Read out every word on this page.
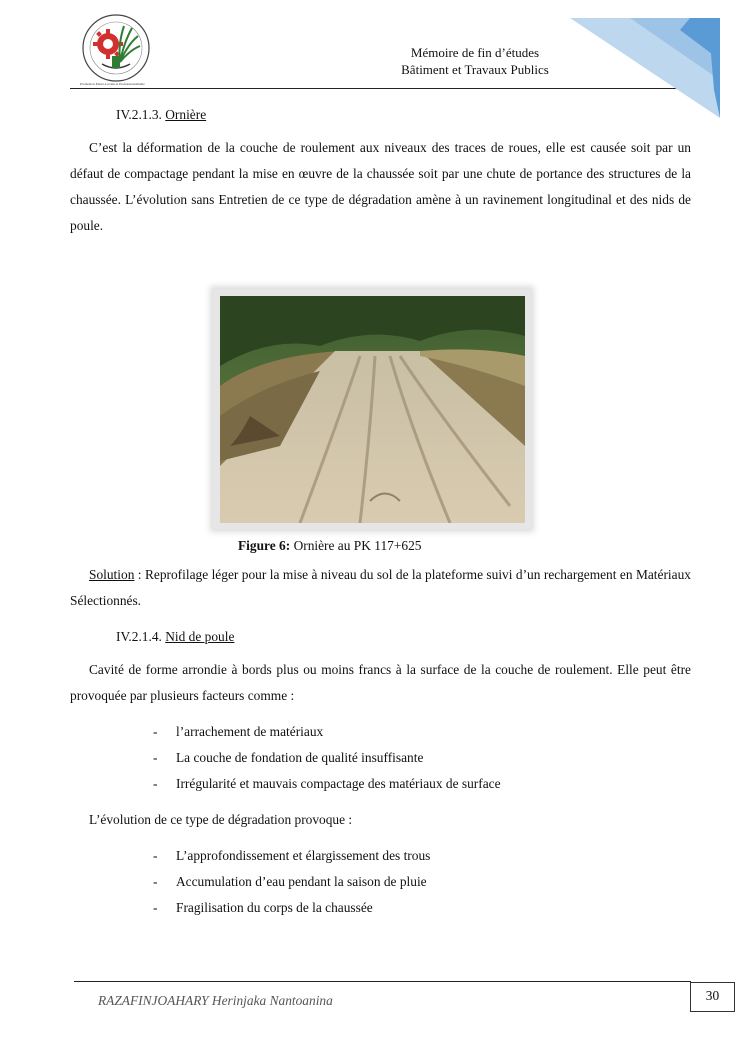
Promotion Pierre-Lucien et Professionnalisme
Mémoire de fin d’études
Bâtiment et Travaux Publics
IV.2.1.3. Ornière

C’est la déformation de la couche de roulement aux niveaux des traces de roues, elle est causée soit par un défaut de compactage pendant la mise en œuvre de la chaussée soit par une chute de portance des structures de la chaussée. L’évolution sans Entretien de ce type de dégradation amène à un ravinement longitudinal et des nids de poule.

Figure 6: Ornière au PK 117+625

Solution : Reprofilage léger pour la mise à niveau du sol de la plateforme suivi d’un rechargement en Matériaux Sélectionnés.

IV.2.1.4. Nid de poule

Cavité de forme arrondie à bords plus ou moins francs à la surface de la couche de roulement. Elle peut être provoquée par plusieurs facteurs comme :

- l’arrachement de matériaux
- La couche de fondation de qualité insuffisante
- Irrégularité et mauvais compactage des matériaux de surface

L’évolution de ce type de dégradation provoque :

- L’approfondissement et élargissement des trous
- Accumulation d’eau pendant la saison de pluie
- Fragilisation du corps de la chaussée
30
RAZAFINJOAHARY Herinjaka Nantoanina
